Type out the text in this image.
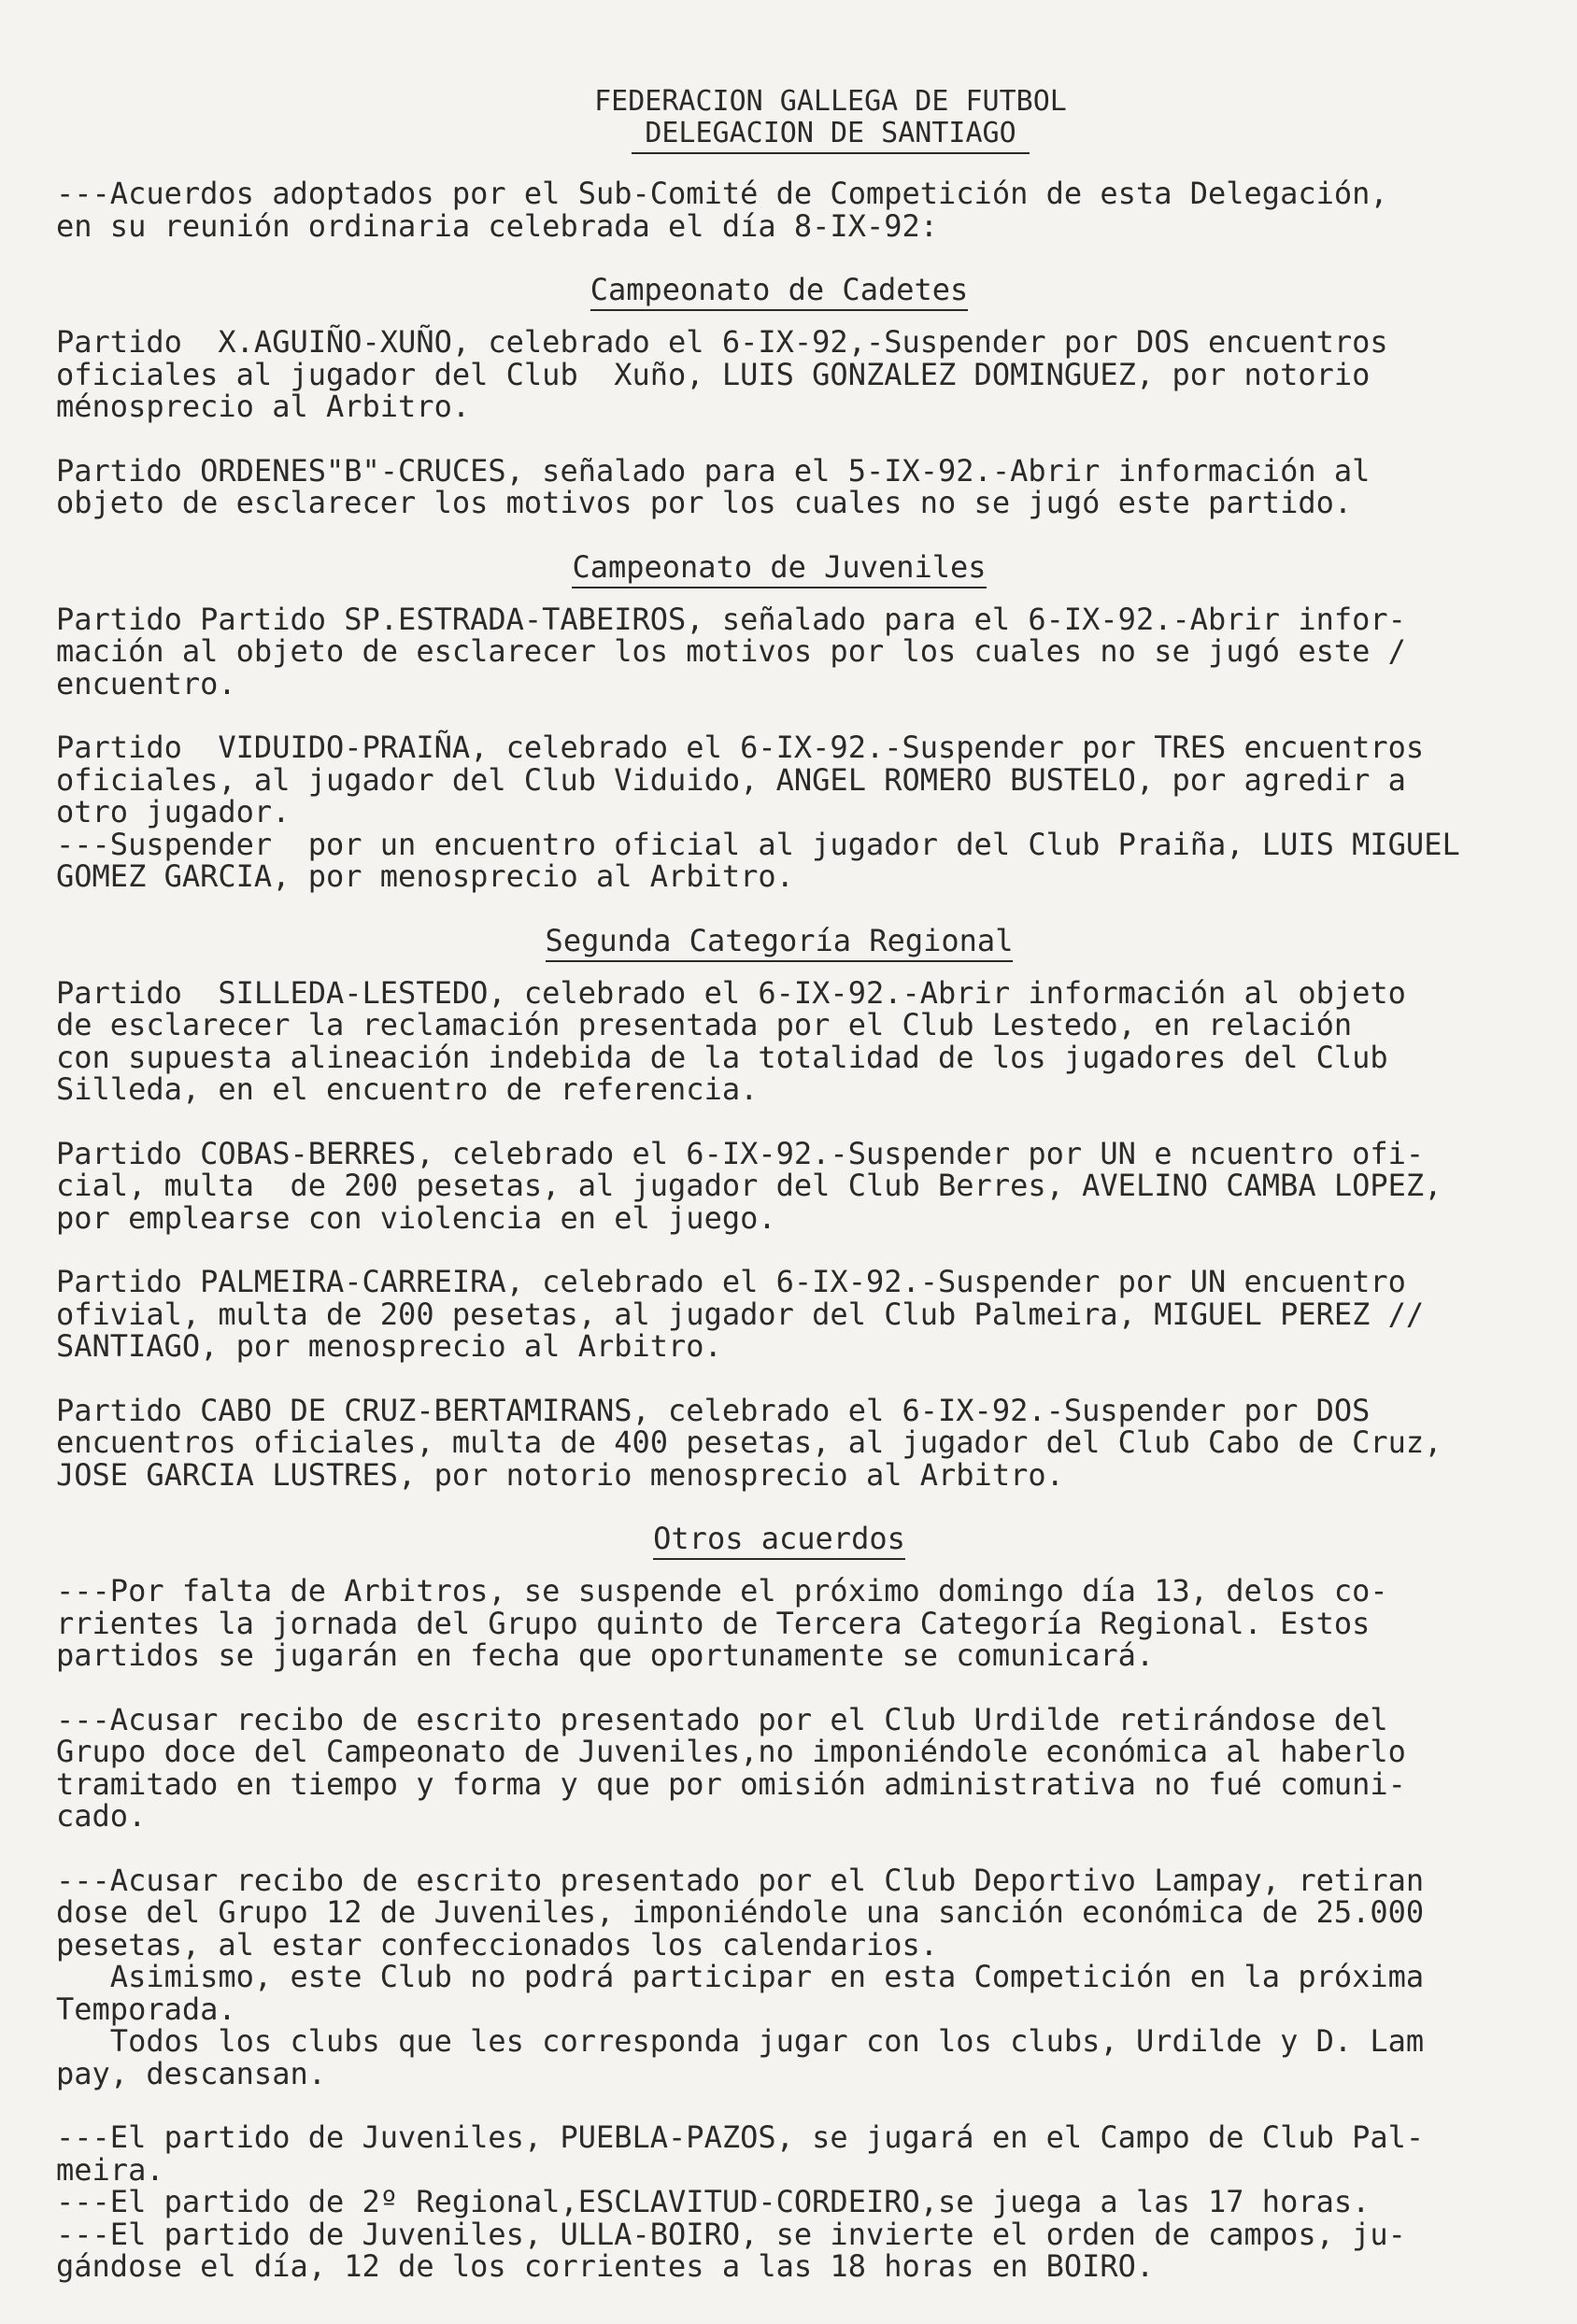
FEDERACION GALLEGA DE FUTBOL
DELEGACION DE SANTIAGO

---Acuerdos adoptados por el Sub-Comité de Competición de esta Delegación,
en su reunión ordinaria celebrada el día 8-IX-92:

Campeonato de Cadetes

Partido  X.AGUIÑO-XUÑO, celebrado el 6-IX-92,-Suspender por DOS encuentros
oficiales al jugador del Club  Xuño, LUIS GONZALEZ DOMINGUEZ, por notorio
ménosprecio al Arbitro.

Partido ORDENES"B"-CRUCES, señalado para el 5-IX-92.-Abrir información al
objeto de esclarecer los motivos por los cuales no se jugó este partido.

Campeonato de Juveniles

Partido Partido SP.ESTRADA-TABEIROS, señalado para el 6-IX-92.-Abrir infor-
mación al objeto de esclarecer los motivos por los cuales no se jugó este /
encuentro.

Partido  VIDUIDO-PRAIÑA, celebrado el 6-IX-92.-Suspender por TRES encuentros
oficiales, al jugador del Club Viduido, ANGEL ROMERO BUSTELO, por agredir a
otro jugador.
---Suspender  por un encuentro oficial al jugador del Club Praiña, LUIS MIGUEL
GOMEZ GARCIA, por menosprecio al Arbitro.

Segunda Categoría Regional

Partido  SILLEDA-LESTEDO, celebrado el 6-IX-92.-Abrir información al objeto
de esclarecer la reclamación presentada por el Club Lestedo, en relación
con supuesta alineación indebida de la totalidad de los jugadores del Club
Silleda, en el encuentro de referencia.

Partido COBAS-BERRES, celebrado el 6-IX-92.-Suspender por UN e ncuentro ofi-
cial, multa  de 200 pesetas, al jugador del Club Berres, AVELINO CAMBA LOPEZ,
por emplearse con violencia en el juego.

Partido PALMEIRA-CARREIRA, celebrado el 6-IX-92.-Suspender por UN encuentro
ofivial, multa de 200 pesetas, al jugador del Club Palmeira, MIGUEL PEREZ //
SANTIAGO, por menosprecio al Arbitro.

Partido CABO DE CRUZ-BERTAMIRANS, celebrado el 6-IX-92.-Suspender por DOS
encuentros oficiales, multa de 400 pesetas, al jugador del Club Cabo de Cruz,
JOSE GARCIA LUSTRES, por notorio menosprecio al Arbitro.

Otros acuerdos

---Por falta de Arbitros, se suspende el próximo domingo día 13, delos co-
rrientes la jornada del Grupo quinto de Tercera Categoría Regional. Estos
partidos se jugarán en fecha que oportunamente se comunicará.

---Acusar recibo de escrito presentado por el Club Urdilde retirándose del
Grupo doce del Campeonato de Juveniles,no imponiéndole económica al haberlo
tramitado en tiempo y forma y que por omisión administrativa no fué comuni-
cado.

---Acusar recibo de escrito presentado por el Club Deportivo Lampay, retiran
dose del Grupo 12 de Juveniles, imponiéndole una sanción económica de 25.000
pesetas, al estar confeccionados los calendarios.
Asimismo, este Club no podrá participar en esta Competición en la próxima
Temporada.
Todos los clubs que les corresponda jugar con los clubs, Urdilde y D. Lam
pay, descansan.

---El partido de Juveniles, PUEBLA-PAZOS, se jugará en el Campo de Club Pal-
meira.
---El partido de 2º Regional,ESCLAVITUD-CORDEIRO,se juega a las 17 horas.
---El partido de Juveniles, ULLA-BOIRO, se invierte el orden de campos, ju-
gándose el día, 12 de los corrientes a las 18 horas en BOIRO.
